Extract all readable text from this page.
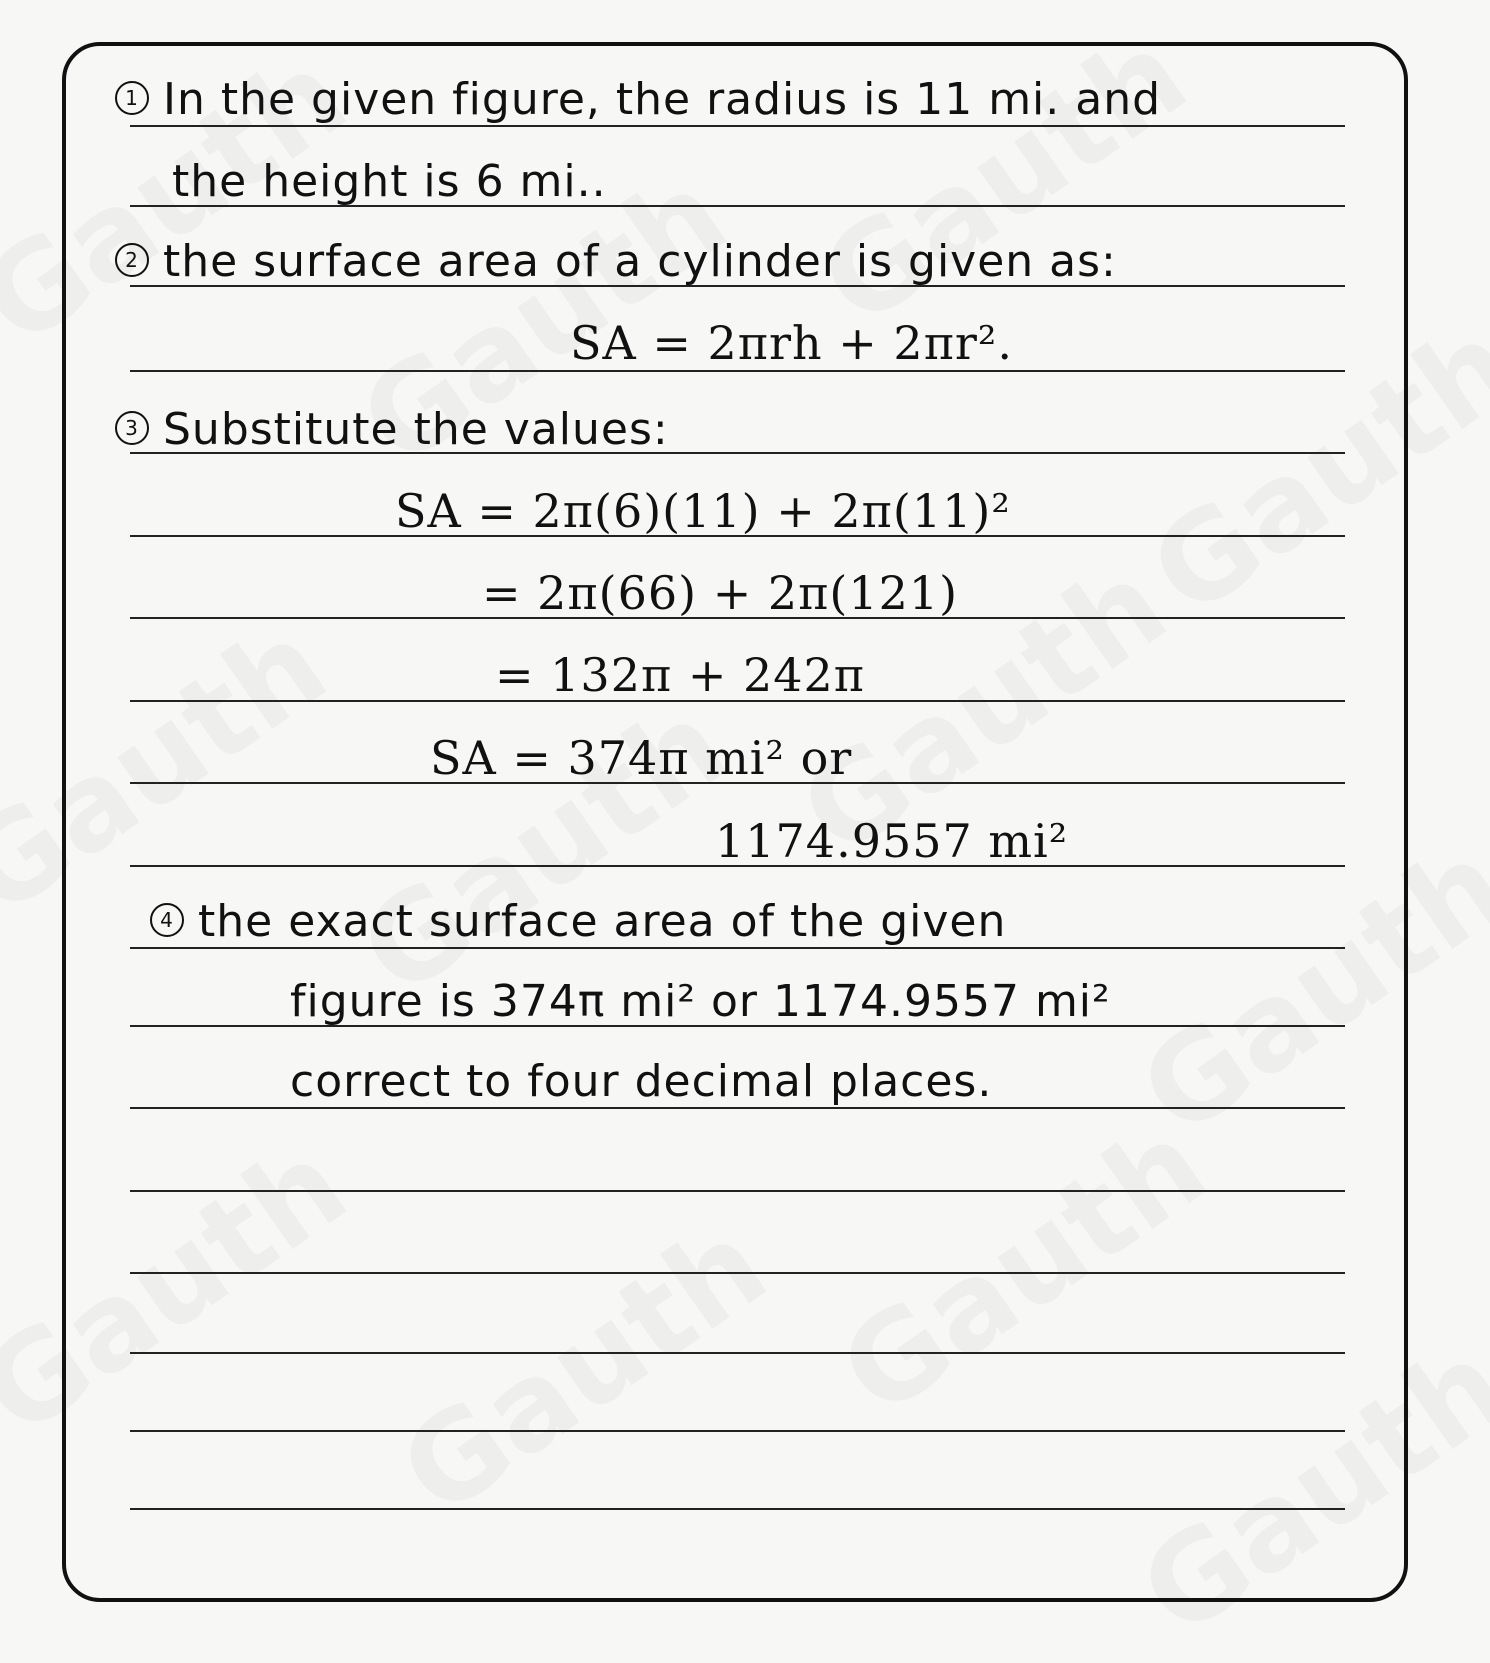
1 In the given figure, the radius is 11 mi. and
the height is 6 mi..
2 the surface area of a cylinder is given as:
SA = 2πrh + 2πr².
3 Substitute the values:
SA = 2π(6)(11) + 2π(11)²
= 2π(66) + 2π(121)
= 132π + 242π
SA = 374π mi² or
1174.9557 mi²
4 the exact surface area of the given
figure is 374π mi² or 1174.9557 mi²
correct to four decimal places.
